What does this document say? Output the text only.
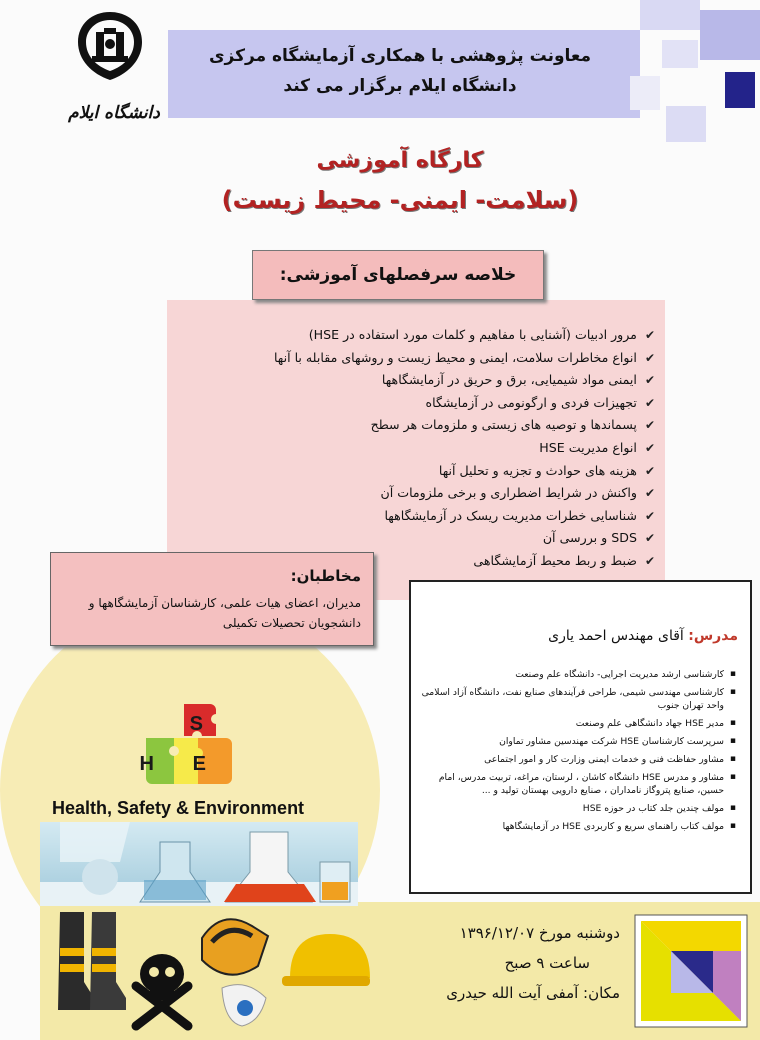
معاونت پژوهشی با همکاری آزمایشگاه مرکزی
دانشگاه ایلام برگزار می کند
دانشگاه ایلام
کارگاه آموزشی
(سلامت- ایمنی- محیط زیست)
✔مرور ادبیات (آشنایی با مفاهیم و کلمات مورد استفاده در HSE)
✔انواع مخاطرات سلامت، ایمنی و محیط زیست و روشهای مقابله با آنها
✔ایمنی مواد شیمیایی، برق و حریق در آزمایشگاهها
✔تجهیزات فردی و ارگونومی در آزمایشگاه
✔پسماندها و توصیه های زیستی و ملزومات هر سطح
✔انواع مدیریت HSE
✔هزینه های حوادث و تجزیه و تحلیل آنها
✔واکنش در شرایط اضطراری و برخی ملزومات آن
✔شناسایی خطرات مدیریت ریسک در آزمایشگاهها
✔SDS و بررسی آن
✔ضبط و ربط محیط آزمایشگاهی
خلاصه سرفصلهای آموزشی:
مدرس: آقای مهندس احمد یاری
▪ کارشناسی ارشد مدیریت اجرایی- دانشگاه علم وصنعت
▪ کارشناسی مهندسی شیمی، طراحی فرآیندهای صنایع نفت، دانشگاه آزاد اسلامی واحد تهران جنوب
▪ مدیر HSE جهاد دانشگاهی علم وصنعت
▪ سرپرست کارشناسان HSE شرکت مهندسین مشاور تماوان
▪ مشاور حفاظت فنی و خدمات ایمنی وزارت کار و امور اجتماعی
▪ مشاور و مدرس HSE دانشگاه کاشان ، لرستان، مراغه، تربیت مدرس، امام حسین، صنایع پتروگاز نامداران ، صنایع دارویی بهستان تولید و ...
▪ مولف چندین جلد کتاب در حوزه HSE
▪ مولف کتاب راهنمای سریع و کاربردی HSE در آزمایشگاهها
مخاطبان:
مدیران، اعضای هیات علمی، کارشناسان آزمایشگاهها و دانشجویان تحصیلات تکمیلی
S
H E
Health, Safety & Environment
دوشنبه مورخ ۱۳۹۶/۱۲/۰۷
ساعت ۹ صبح
مکان: آمفی آیت الله حیدری
